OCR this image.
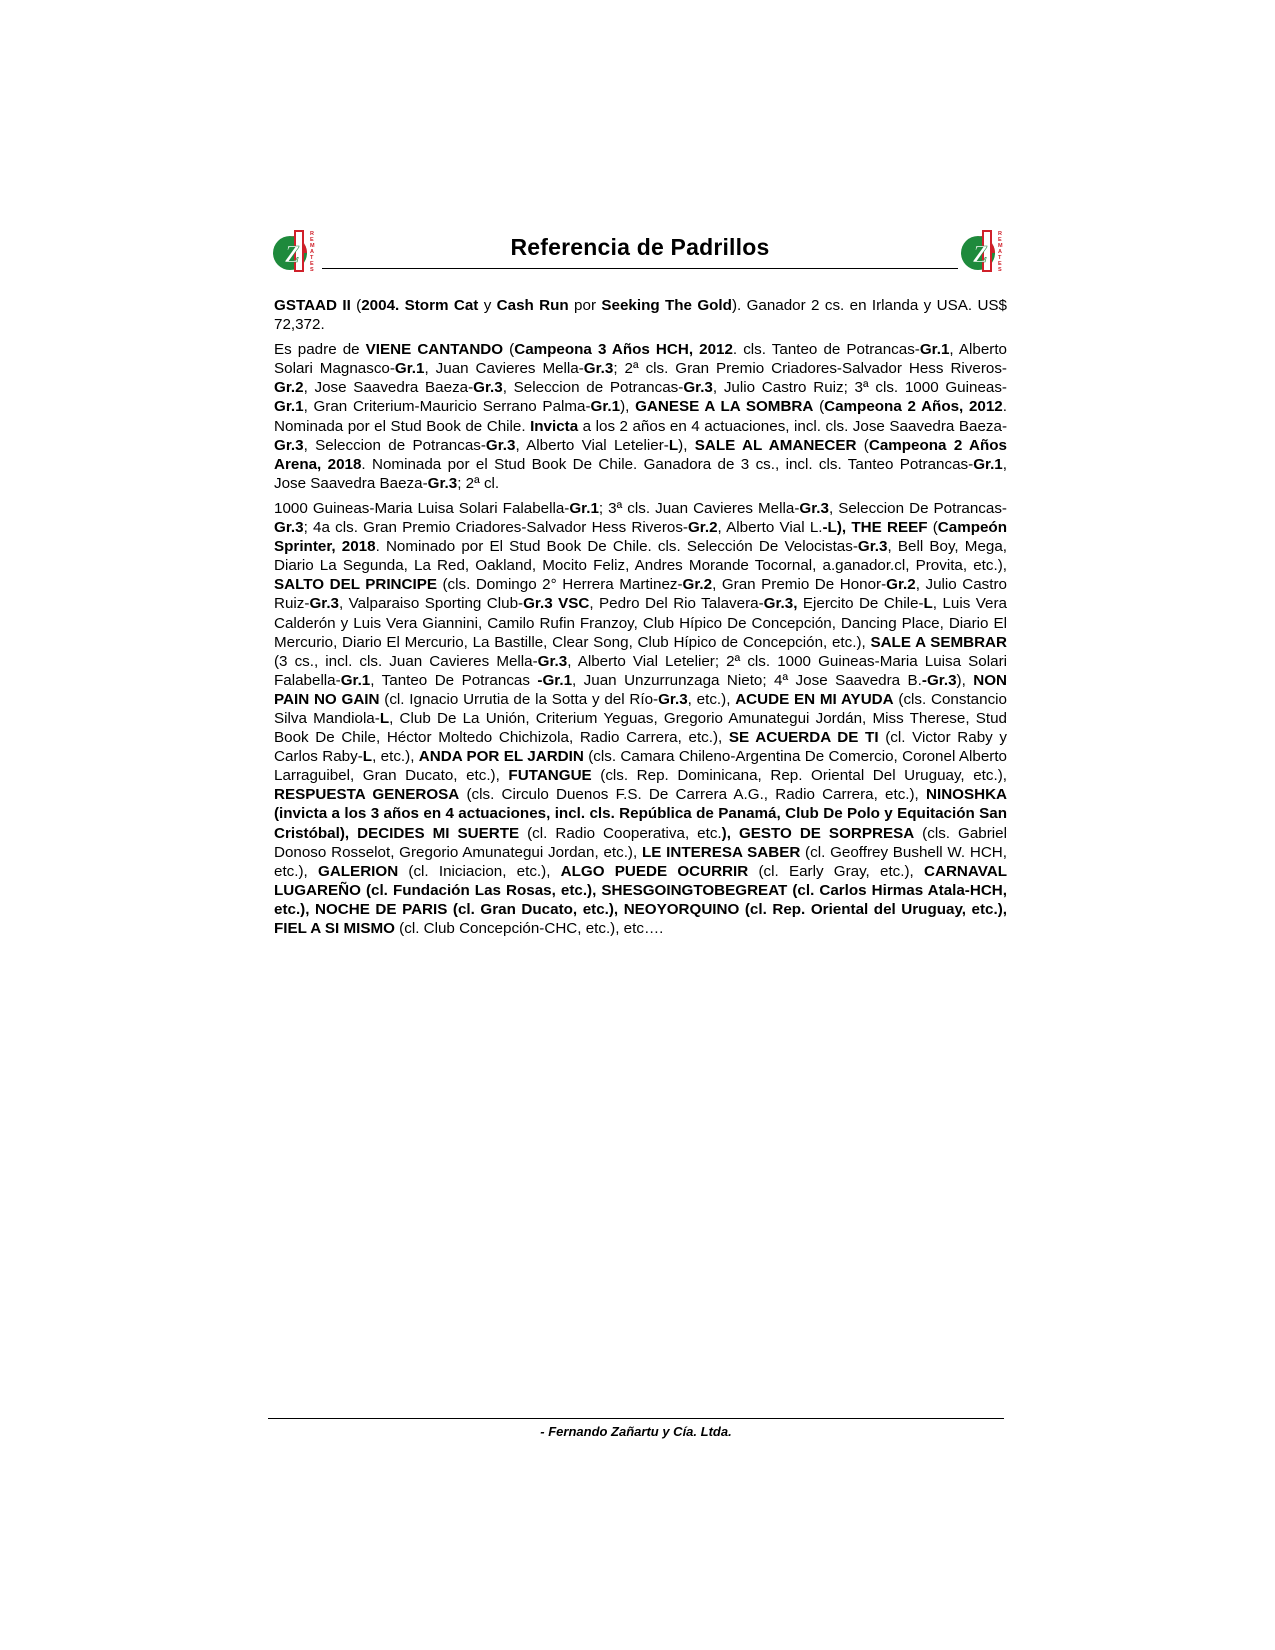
Z
R
E
M
A
T
E
S
Referencia de Padrillos	Z
R
E
M
A
T
E
S

GSTAAD II (2004. Storm Cat y Cash Run por Seeking The Gold). Ganador 2 cs. en Irlanda y USA. US$ 72,372.

Es padre de VIENE CANTANDO (Campeona 3 Años HCH, 2012. cls. Tanteo de Potrancas-Gr.1, Alberto Solari Magnasco-Gr.1, Juan Cavieres Mella-Gr.3; 2ª cls. Gran Premio Criadores-Salvador Hess Riveros-Gr.2, Jose Saavedra Baeza-Gr.3, Seleccion de Potrancas-Gr.3, Julio Castro Ruiz; 3ª cls. 1000 Guineas-Gr.1, Gran Criterium-Mauricio Serrano Palma-Gr.1), GANESE A LA SOMBRA (Campeona 2 Años, 2012. Nominada por el Stud Book de Chile. Invicta a los 2 años en 4 actuaciones, incl. cls. Jose Saavedra Baeza-Gr.3, Seleccion de Potrancas-Gr.3, Alberto Vial Letelier-L), SALE AL AMANECER (Campeona 2 Años Arena, 2018. Nominada por el Stud Book De Chile. Ganadora de 3 cs., incl. cls. Tanteo Potrancas-Gr.1, Jose Saavedra Baeza-Gr.3; 2ª cl.

1000 Guineas-Maria Luisa Solari Falabella-Gr.1; 3ª cls. Juan Cavieres Mella-Gr.3, Seleccion De Potrancas-Gr.3; 4a cls. Gran Premio Criadores-Salvador Hess Riveros-Gr.2, Alberto Vial L.-L), THE REEF (Campeón Sprinter, 2018. Nominado por El Stud Book De Chile. cls. Selección De Velocistas-Gr.3, Bell Boy, Mega, Diario La Segunda, La Red, Oakland, Mocito Feliz, Andres Morande Tocornal, a.ganador.cl, Provita, etc.), SALTO DEL PRINCIPE (cls. Domingo 2° Herrera Martinez-Gr.2, Gran Premio De Honor-Gr.2, Julio Castro Ruiz-Gr.3, Valparaiso Sporting Club-Gr.3 VSC, Pedro Del Rio Talavera-Gr.3, Ejercito De Chile-L, Luis Vera Calderón y Luis Vera Giannini, Camilo Rufin Franzoy, Club Hípico De Concepción, Dancing Place, Diario El Mercurio, Diario El Mercurio, La Bastille, Clear Song, Club Hípico de Concepción, etc.), SALE A SEMBRAR (3 cs., incl. cls. Juan Cavieres Mella-Gr.3, Alberto Vial Letelier; 2ª cls. 1000 Guineas-Maria Luisa Solari Falabella-Gr.1, Tanteo De Potrancas -Gr.1, Juan Unzurrunzaga Nieto; 4ª Jose Saavedra B.-Gr.3), NON PAIN NO GAIN (cl. Ignacio Urrutia de la Sotta y del Río-Gr.3, etc.), ACUDE EN MI AYUDA (cls. Constancio Silva Mandiola-L, Club De La Unión, Criterium Yeguas, Gregorio Amunategui Jordán, Miss Therese, Stud Book De Chile, Héctor Moltedo Chichizola, Radio Carrera, etc.), SE ACUERDA DE TI (cl. Victor Raby y Carlos Raby-L, etc.), ANDA POR EL JARDIN (cls. Camara Chileno-Argentina De Comercio, Coronel Alberto Larraguibel, Gran Ducato, etc.), FUTANGUE (cls. Rep. Dominicana, Rep. Oriental Del Uruguay, etc.), RESPUESTA GENEROSA (cls. Circulo Duenos F.S. De Carrera A.G., Radio Carrera, etc.), NINOSHKA (invicta a los 3 años en 4 actuaciones, incl. cls. República de Panamá, Club De Polo y Equitación San Cristóbal), DECIDES MI SUERTE (cl. Radio Cooperativa, etc.), GESTO DE SORPRESA (cls. Gabriel Donoso Rosselot, Gregorio Amunategui Jordan, etc.), LE INTERESA SABER (cl. Geoffrey Bushell W. HCH, etc.), GALERION (cl. Iniciacion, etc.), ALGO PUEDE OCURRIR (cl. Early Gray, etc.), CARNAVAL LUGAREÑO (cl. Fundación Las Rosas, etc.), SHESGOINGTOBEGREAT (cl. Carlos Hirmas Atala-HCH, etc.), NOCHE DE PARIS (cl. Gran Ducato, etc.), NEOYORQUINO (cl. Rep. Oriental del Uruguay, etc.), FIEL A SI MISMO (cl. Club Concepción-CHC, etc.), etc….

- Fernando Zañartu y Cía. Ltda.
